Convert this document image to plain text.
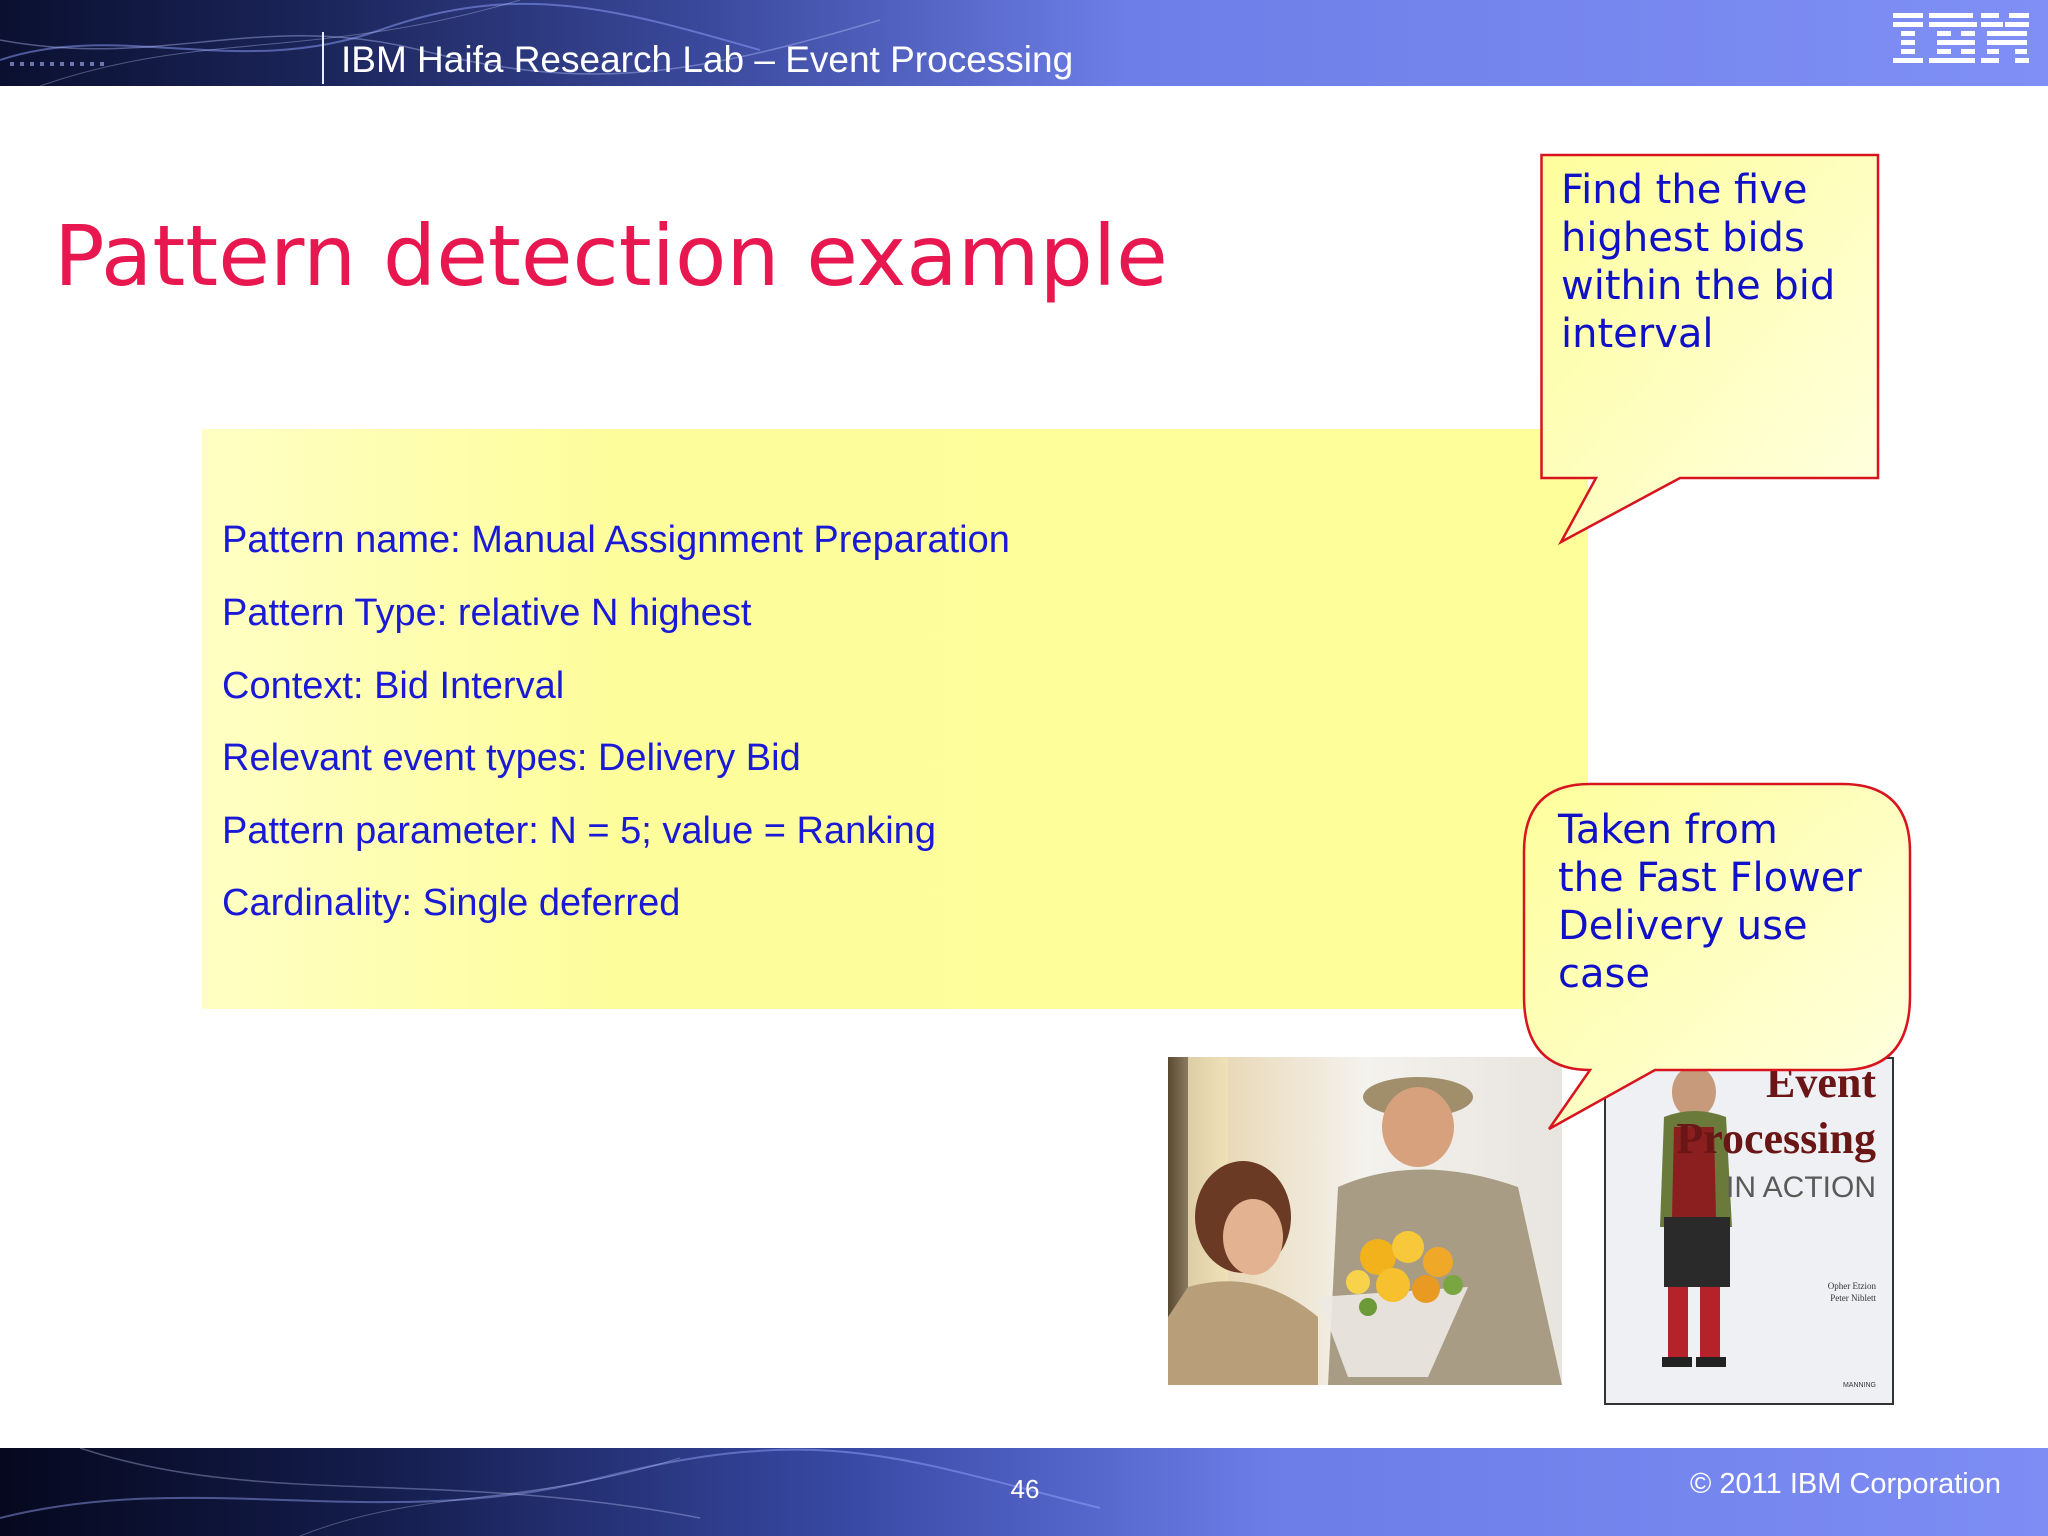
IBM Haifa Research Lab – Event Processing
Pattern detection example
Pattern name: Manual Assignment Preparation
Pattern Type: relative N highest
Context: Bid Interval
Relevant event types: Delivery Bid
Pattern parameter: N = 5; value = Ranking
Cardinality: Single deferred
Find the five
highest bids
within the bid
interval
Event
Processing
IN ACTION
Opher Etzion
Peter Niblett
MANNING
Taken from
the Fast Flower
Delivery use
case
46	© 2011 IBM Corporation
